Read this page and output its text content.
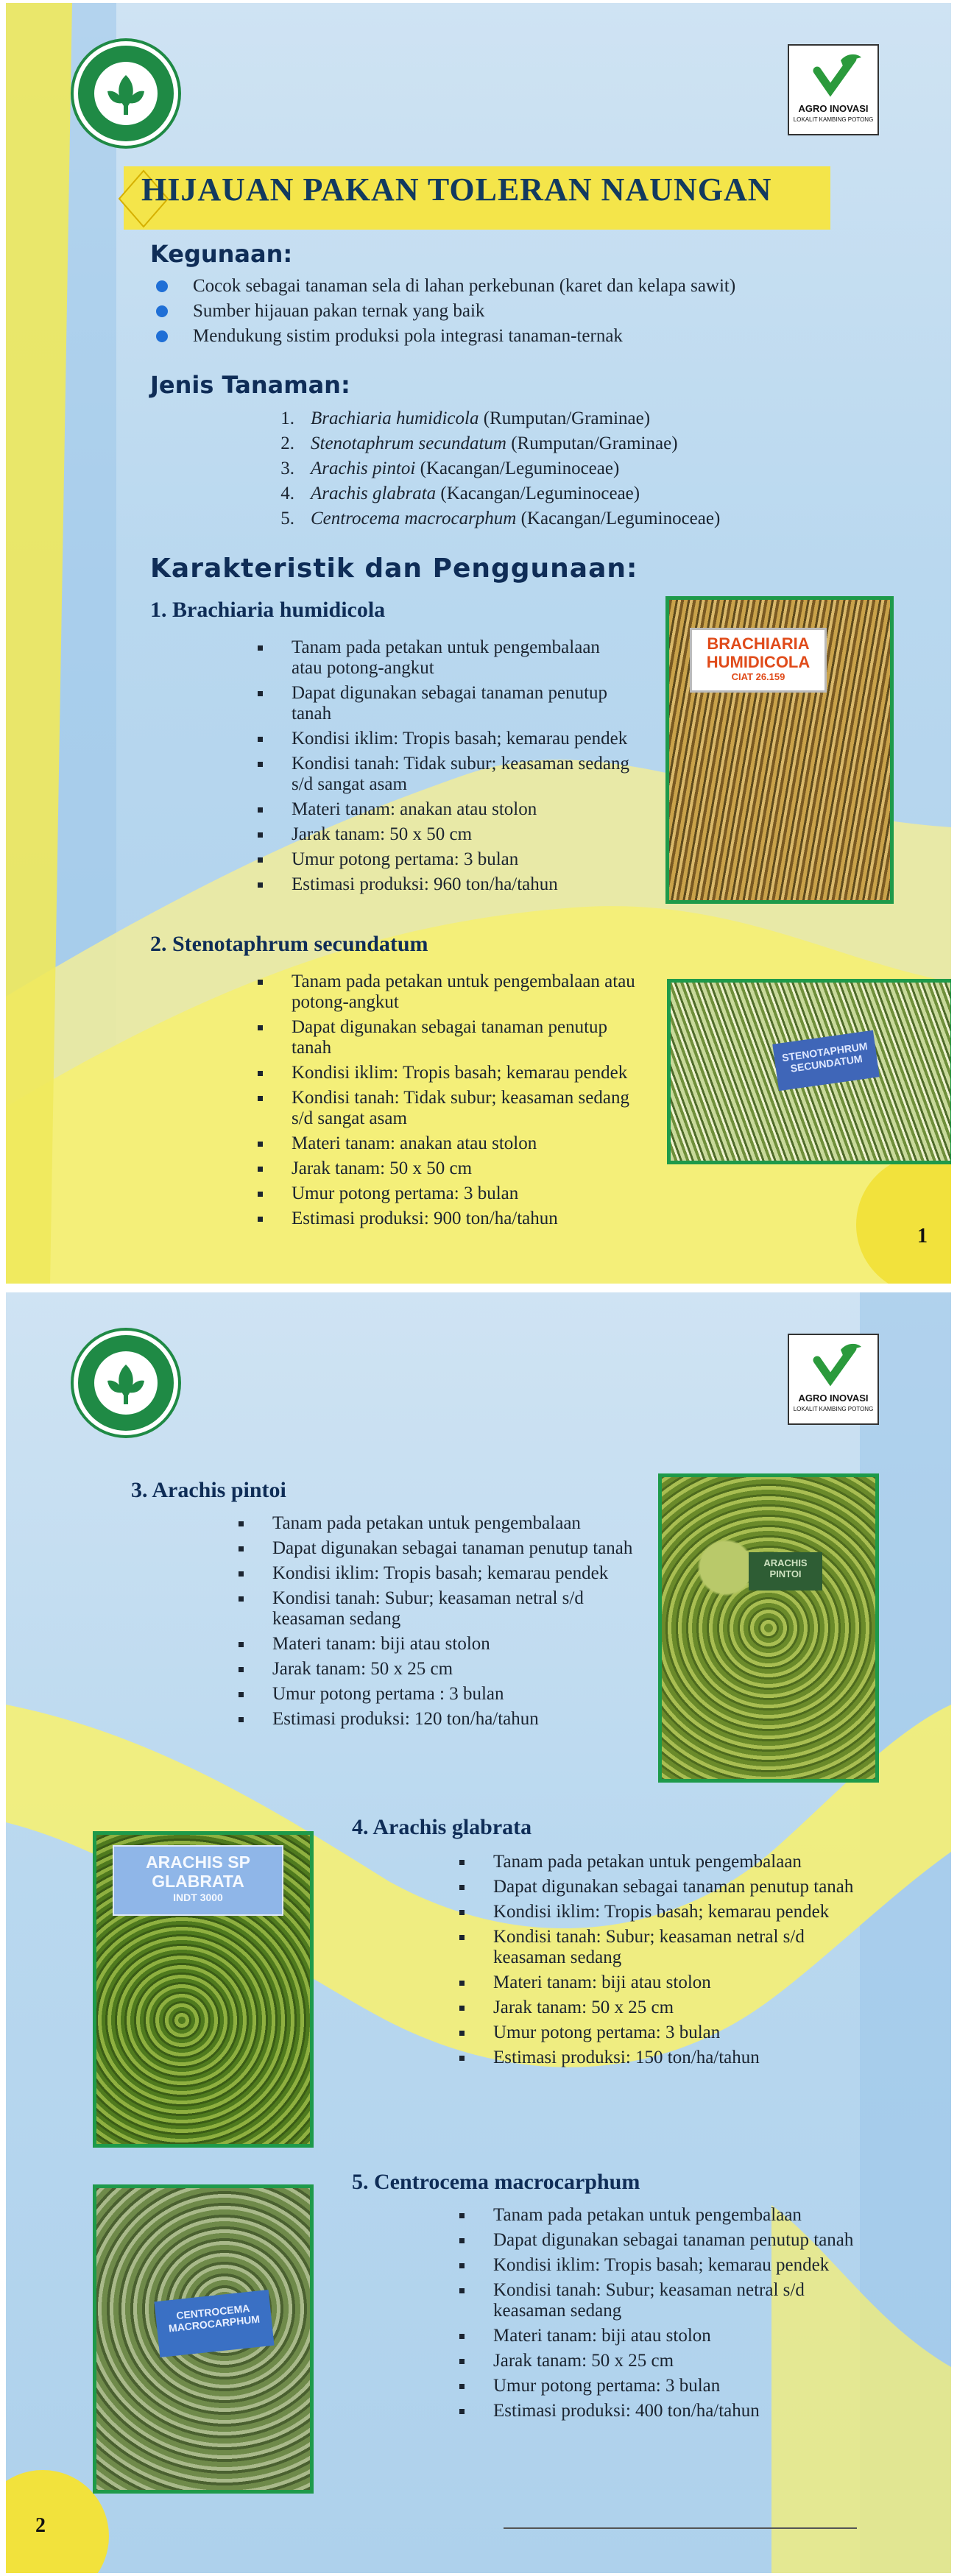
AGRO INOVASI
LOKALIT KAMBING POTONG
HIJAUAN PAKAN TOLERAN NAUNGAN
Kegunaan:
Cocok sebagai tanaman sela di lahan perkebunan (karet dan kelapa sawit)
Sumber hijauan pakan ternak yang baik
Mendukung sistim produksi pola integrasi tanaman-ternak
Jenis Tanaman:
1. Brachiaria humidicola (Rumputan/Graminae)
2. Stenotaphrum secundatum (Rumputan/Graminae)
3. Arachis pintoi (Kacangan/Leguminoceae)
4. Arachis glabrata (Kacangan/Leguminoceae)
5. Centrocema macrocarphum (Kacangan/Leguminoceae)
Karakteristik dan Penggunaan:
1. Brachiaria humidicola
Tanam pada petakan untuk pengembalaan atau potong-angkut
Dapat digunakan sebagai tanaman penutup tanah
Kondisi iklim: Tropis basah; kemarau pendek
Kondisi tanah: Tidak subur; keasaman sedang s/d sangat asam
Materi tanam: anakan atau stolon
Jarak tanam: 50 x 50 cm
Umur potong pertama: 3 bulan
Estimasi produksi: 960 ton/ha/tahun
BRACHIARIA HUMIDICOLA
CIAT 26.159
2. Stenotaphrum secundatum
Tanam pada petakan untuk pengembalaan atau potong-angkut
Dapat digunakan sebagai tanaman penutup tanah
Kondisi iklim: Tropis basah; kemarau pendek
Kondisi tanah: Tidak subur; keasaman sedang s/d sangat asam
Materi tanam: anakan atau stolon
Jarak tanam: 50 x 50 cm
Umur potong pertama: 3 bulan
Estimasi produksi: 900 ton/ha/tahun
STENOTAPHRUM SECUNDATUM
1
AGRO INOVASI
LOKALIT KAMBING POTONG
3. Arachis pintoi
Tanam pada petakan untuk pengembalaan
Dapat digunakan sebagai tanaman penutup tanah
Kondisi iklim: Tropis basah; kemarau pendek
Kondisi tanah: Subur; keasaman netral s/d keasaman sedang
Materi tanam: biji atau stolon
Jarak tanam: 50 x 25 cm
Umur potong pertama : 3 bulan
Estimasi produksi: 120 ton/ha/tahun
ARACHIS PINTOI
ARACHIS SP GLABRATA
INDT 3000
4. Arachis glabrata
Tanam pada petakan untuk pengembalaan
Dapat digunakan sebagai tanaman penutup tanah
Kondisi iklim: Tropis basah; kemarau pendek
Kondisi tanah: Subur; keasaman netral s/d keasaman sedang
Materi tanam: biji atau stolon
Jarak tanam: 50 x 25 cm
Umur potong pertama: 3 bulan
Estimasi produksi: 150 ton/ha/tahun
CENTROCEMA MACROCARPHUM
5. Centrocema macrocarphum
Tanam pada petakan untuk pengembalaan
Dapat digunakan sebagai tanaman penutup tanah
Kondisi iklim: Tropis basah; kemarau pendek
Kondisi tanah: Subur; keasaman netral s/d keasaman sedang
Materi tanam: biji atau stolon
Jarak tanam: 50 x 25 cm
Umur potong pertama: 3 bulan
Estimasi produksi: 400 ton/ha/tahun
2
